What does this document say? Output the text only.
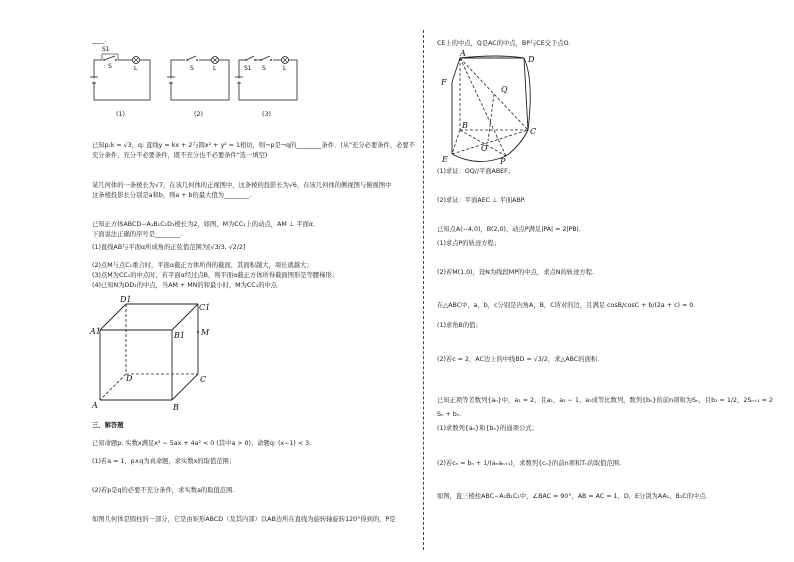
____.
S1
S	L
(1)
S	L
(2)
S1 S	L
(3)
已知p:k = √3，q: 直线y = kx + 2与圆x² + y² = 1相切，则¬p是¬q的________条件．(从"充分必要条件，必要不
充分条件，充分不必要条件，既不充分也不必要条件"选一填空)
某几何体的一条棱长为√7，在该几何体的正视图中，这条棱的投影长为√6，在该几何体的侧视图与俯视图中
这条棱投影长分别是a和b，则a + b的最大值为________.
已知正方体ABCD−A₁B₁C₁D₁棱长为2，如图，M为CC₁上的动点，AM ⊥ 平面α．
下面说法正确的序号是________.
(1)直线AB与平面α所成角的正弦值范围为[√3/3, √2/2]
(2)点M与点C₁重合时，平面α截正方体所得的截面，其面积越大，周长就越大；
(3)点M为CC₁的中点时，若平面α经过点B，则平面α截正方体所得截面图形是等腰梯形；
(4)已知N为DD₁的中点，当AM + MN的和最小时，M为CC₁的中点.
D1
C1
A1	B1 M
D	C
A	B
三、解答题
已知命题p: 实数x满足x² − 5ax + 4a² < 0 (其中a > 0)；命题q: (x−1) < 3.
(1)若a = 1，p∧q为真命题，求实数x的取值范围；
(2)若p是q的必要不充分条件，求实数a的取值范围.
如图几何体是圆柱的一部分，它是由矩形ABCD（及其内部）以AB边所在直线为旋转轴旋转120°得到的，P是
CE上的中点，Q是AC的中点，BP与CE交于点O.
A
D
F
Q
B
C
O
E	P
(1)求证：OQ//平面ABEF；
(2)求证：平面AEC ⊥ 平面ABP.
已知点A(−4,0)，B(2,0)，动点P满足|PA| = 2|PB|.
(1)求点P的轨迹方程；
(2)若M(1,0)，设N为线段MP的中点，求点N的轨迹方程.
在△ABC中，a，b，c分别是内角A，B，C所对的边，且满足 cosB/cosC + b/(2a + c) = 0.
(1)求角B的值；
(2)若c = 2，AC边上的中线BD = √3/2，求△ABC的面积.
已知正项等差数列{aₙ}中，a₁ = 2，且a₁，a₂ − 1，a₃成等比数列，数列{bₙ}的前n项和为Sₙ，且b₁ = 1/2，2Sₙ₊₁ = 2
Sₙ + bₙ.
(1)求数列{aₙ}和{bₙ}的通项公式；
(2)若cₙ = bₙ + 1/(aₙaₙ₊₁)，求数列{cₙ}的前n项和Tₙ的取值范围.
如图，直三棱柱ABC−A₁B₁C₁中，∠BAC = 90°，AB = AC = 1，D，E分别为AA₁，B₁C的中点.
